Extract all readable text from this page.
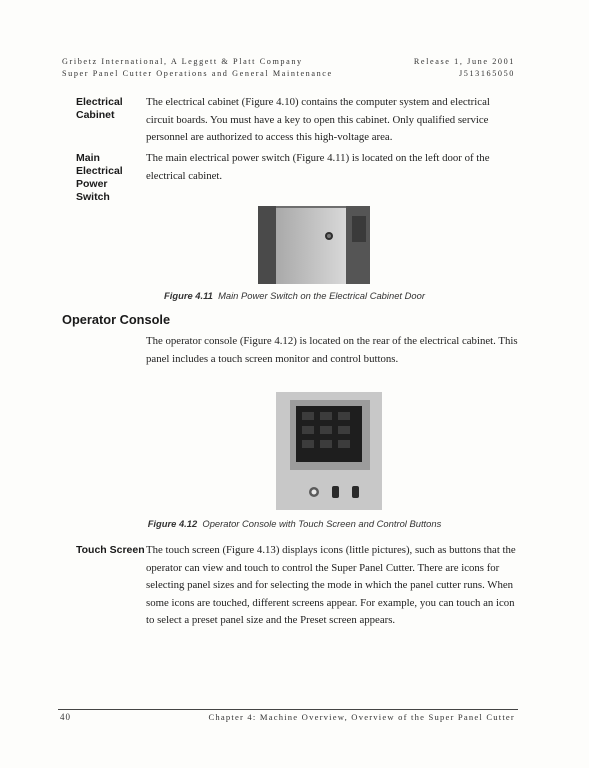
Gribetz International, A Leggett & Platt Company
Super Panel Cutter Operations and General Maintenance
Release 1, June 2001
J513165050
Electrical Cabinet
The electrical cabinet (Figure 4.10) contains the computer system and electrical circuit boards. You must have a key to open this cabinet. Only qualified service personnel are authorized to access this high-voltage area.
Main Electrical Power Switch
The main electrical power switch (Figure 4.11) is located on the left door of the electrical cabinet.
Figure 4.11 Main Power Switch on the Electrical Cabinet Door
Operator Console
The operator console (Figure 4.12) is located on the rear of the electrical cabinet. This panel includes a touch screen monitor and control buttons.
Figure 4.12 Operator Console with Touch Screen and Control Buttons
Touch Screen The touch screen (Figure 4.13) displays icons (little pictures), such as buttons that the operator can view and touch to control the Super Panel Cutter. There are icons for selecting panel sizes and for selecting the mode in which the panel cutter runs. When some icons are touched, different screens appear. For example, you can touch an icon to select a preset panel size and the Preset screen appears.
40	Chapter 4: Machine Overview, Overview of the Super Panel Cutter
